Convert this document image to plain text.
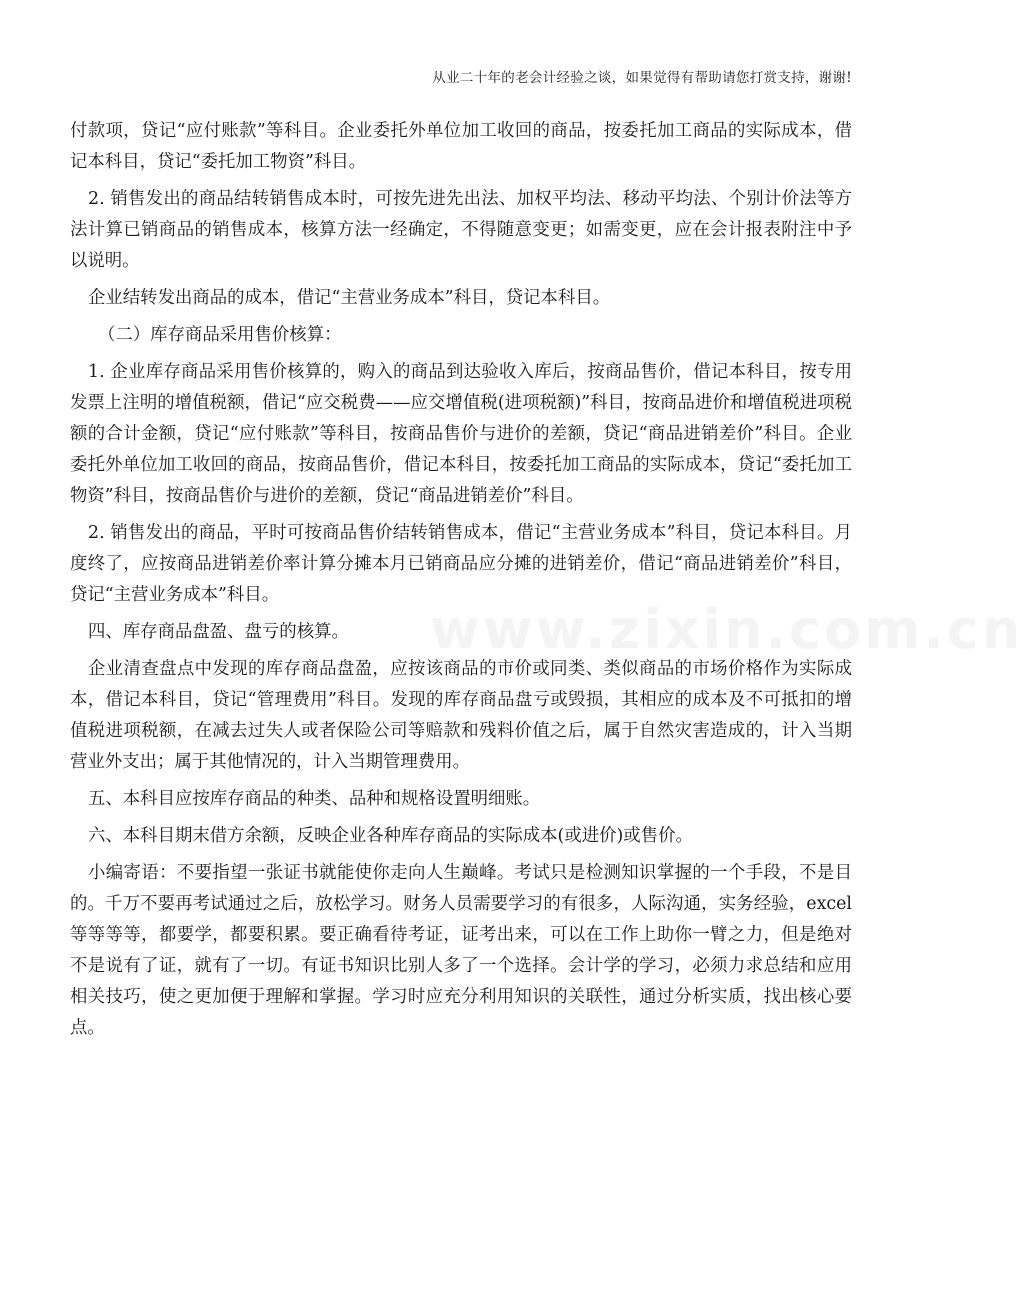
从业二十年的老会计经验之谈，如果觉得有帮助请您打赏支持，谢谢!
www.zixin.com.cn

付款项，贷记“应付账款”等科目。企业委托外单位加工收回的商品，按委托加工商品的实际成本，借记本科目，贷记“委托加工物资”科目。

2. 销售发出的商品结转销售成本时，可按先进先出法、加权平均法、移动平均法、个别计价法等方法计算已销商品的销售成本，核算方法一经确定，不得随意变更；如需变更，应在会计报表附注中予以说明。

企业结转发出商品的成本，借记“主营业务成本”科目，贷记本科目。

（二）库存商品采用售价核算：

1. 企业库存商品采用售价核算的，购入的商品到达验收入库后，按商品售价，借记本科目，按专用发票上注明的增值税额，借记“应交税费——应交增值税(进项税额)”科目，按商品进价和增值税进项税额的合计金额，贷记“应付账款”等科目，按商品售价与进价的差额，贷记“商品进销差价”科目。企业委托外单位加工收回的商品，按商品售价，借记本科目，按委托加工商品的实际成本，贷记“委托加工物资”科目，按商品售价与进价的差额，贷记“商品进销差价”科目。

2. 销售发出的商品，平时可按商品售价结转销售成本，借记“主营业务成本”科目，贷记本科目。月度终了，应按商品进销差价率计算分摊本月已销商品应分摊的进销差价，借记“商品进销差价”科目，贷记“主营业务成本”科目。

四、库存商品盘盈、盘亏的核算。

企业清查盘点中发现的库存商品盘盈，应按该商品的市价或同类、类似商品的市场价格作为实际成本，借记本科目，贷记“管理费用”科目。发现的库存商品盘亏或毁损，其相应的成本及不可抵扣的增值税进项税额，在减去过失人或者保险公司等赔款和残料价值之后，属于自然灾害造成的，计入当期营业外支出；属于其他情况的，计入当期管理费用。

五、本科目应按库存商品的种类、品种和规格设置明细账。

六、本科目期末借方余额，反映企业各种库存商品的实际成本(或进价)或售价。

小编寄语：不要指望一张证书就能使你走向人生巅峰。考试只是检测知识掌握的一个手段，不是目的。千万不要再考试通过之后，放松学习。财务人员需要学习的有很多，人际沟通，实务经验，excel等等等等，都要学，都要积累。要正确看待考证，证考出来，可以在工作上助你一臂之力，但是绝对不是说有了证，就有了一切。有证书知识比别人多了一个选择。会计学的学习，必须力求总结和应用相关技巧，使之更加便于理解和掌握。学习时应充分利用知识的关联性，通过分析实质，找出核心要点。
